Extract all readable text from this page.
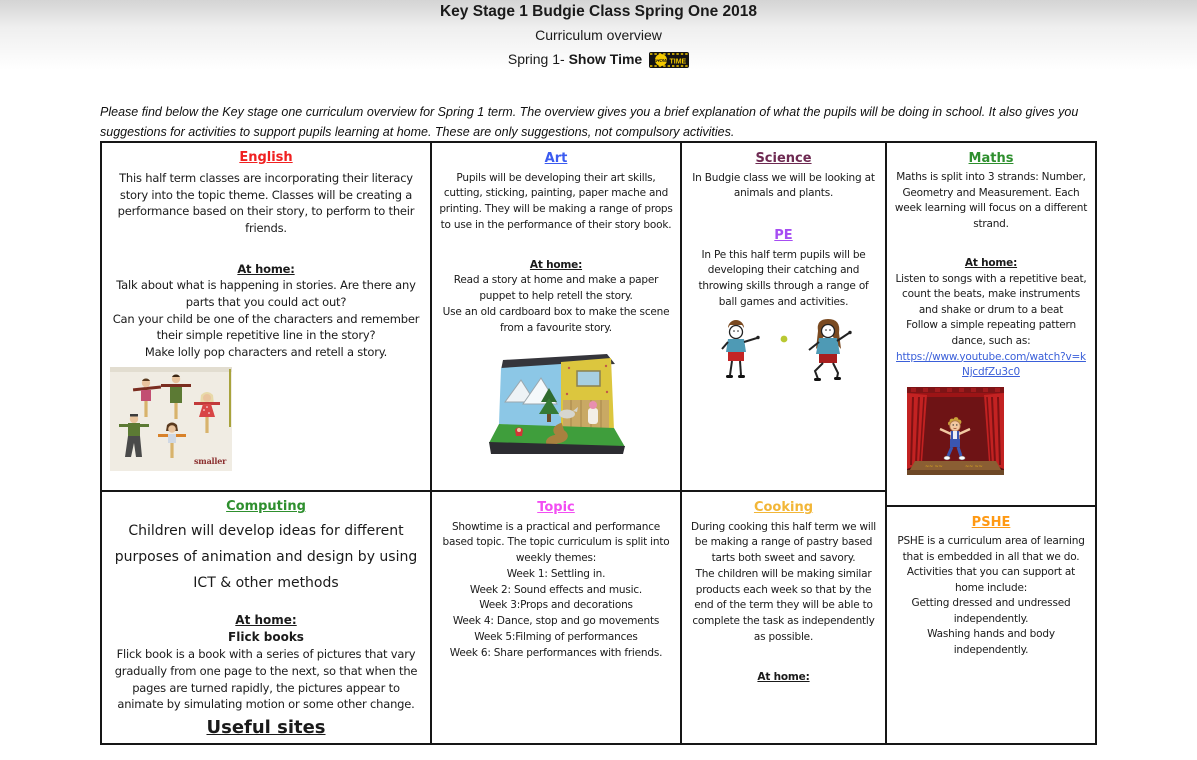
Key Stage 1 Budgie Class Spring One 2018
Curriculum overview
Spring 1- Show Time SHOW TIME
Please find below the Key stage one curriculum overview for Spring 1 term. The overview gives you a brief explanation of what the pupils will be doing in school. It also gives you suggestions for activities to support pupils learning at home. These are only suggestions, not compulsory activities.
English

This half term classes are incorporating their literacy story into the topic theme. Classes will be creating a performance based on their story, to perform to their friends.

At home:

Talk about what is happening in stories. Are there any parts that you could act out?

Can your child be one of the characters and remember their simple repetitive line in the story?

Make lolly pop characters and retell a story.

smaller
Computing

Children will develop ideas for different purposes of animation and design by using ICT & other methods

At home:
Flick books

Flick book is a book with a series of pictures that vary gradually from one page to the next, so that when the pages are turned rapidly, the pictures appear to animate by simulating motion or some other change.

Useful sites
Art

Pupils will be developing their art skills, cutting, sticking, painting, paper mache and printing. They will be making a range of props to use in the performance of their story book.

At home:

Read a story at home and make a paper puppet to help retell the story.

Use an old cardboard box to make the scene from a favourite story.

Topic

Showtime is a practical and performance based topic. The topic curriculum is split into weekly themes:

Week 1: Settling in.
Week 2: Sound effects and music.
Week 3:Props and decorations
Week 4: Dance, stop and go movements
Week 5:Filming of performances
Week 6: Share performances with friends.
Science

In Budgie class we will be looking at animals and plants.

PE

In Pe this half term pupils will be developing their catching and throwing skills through a range of ball games and activities.

Cooking

During cooking this half term we will be making a range of pastry based tarts both sweet and savory.

The children will be making similar products each week so that by the end of the term they will be able to complete the task as independently as possible.

At home:
Maths

Maths is split into 3 strands: Number, Geometry and Measurement. Each week learning will focus on a different strand.

At home:

Listen to songs with a repetitive beat, count the beats, make instruments and shake or drum to a beat

Follow a simple repeating pattern dance, such as:

https://www.youtube.com/watch?v=kNjcdfZu3c0
~~ ~~	~~ ~~
PSHE

PSHE is a curriculum area of learning that is embedded in all that we do.

Activities that you can support at home include:

Getting dressed and undressed independently.

Washing hands and body independently.
